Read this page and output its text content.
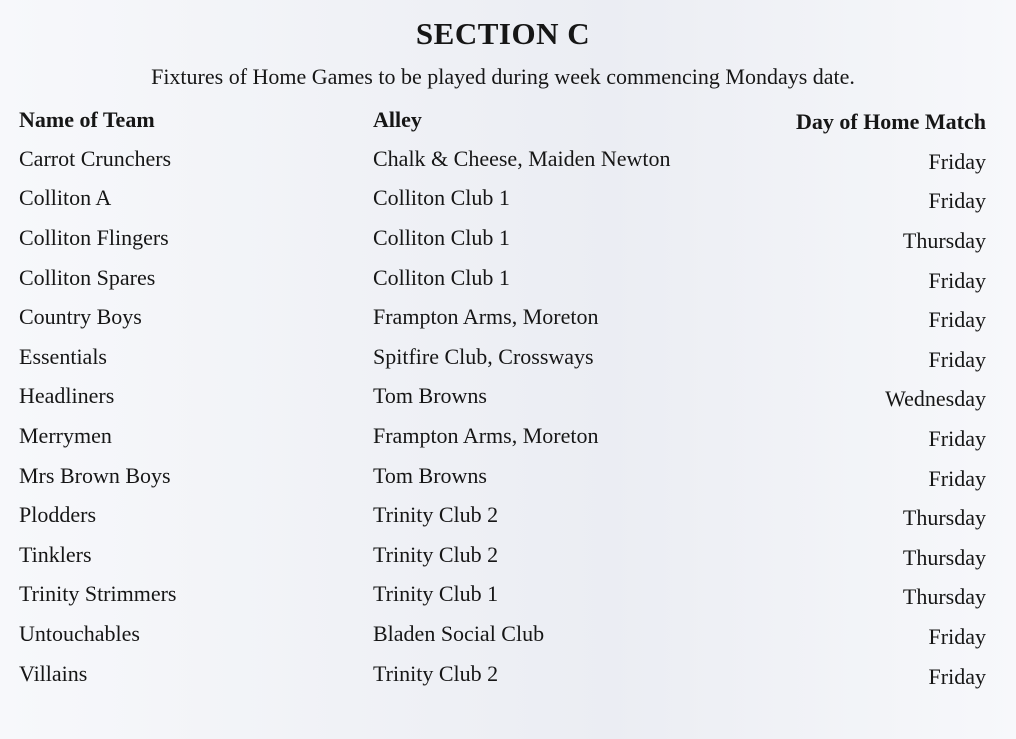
SECTION C
Fixtures of Home Games to be played during week commencing Mondays date.
Name of Team	Alley	Day of Home Match
Carrot Crunchers	Chalk & Cheese, Maiden Newton	Friday
Colliton A	Colliton Club 1	Friday
Colliton Flingers	Colliton Club 1	Thursday
Colliton Spares	Colliton Club 1	Friday
Country Boys	Frampton Arms, Moreton	Friday
Essentials	Spitfire Club, Crossways	Friday
Headliners	Tom Browns	Wednesday
Merrymen	Frampton Arms, Moreton	Friday
Mrs Brown Boys	Tom Browns	Friday
Plodders	Trinity Club 2	Thursday
Tinklers	Trinity Club 2	Thursday
Trinity Strimmers	Trinity Club 1	Thursday
Untouchables	Bladen Social Club	Friday
Villains	Trinity Club 2	Friday
